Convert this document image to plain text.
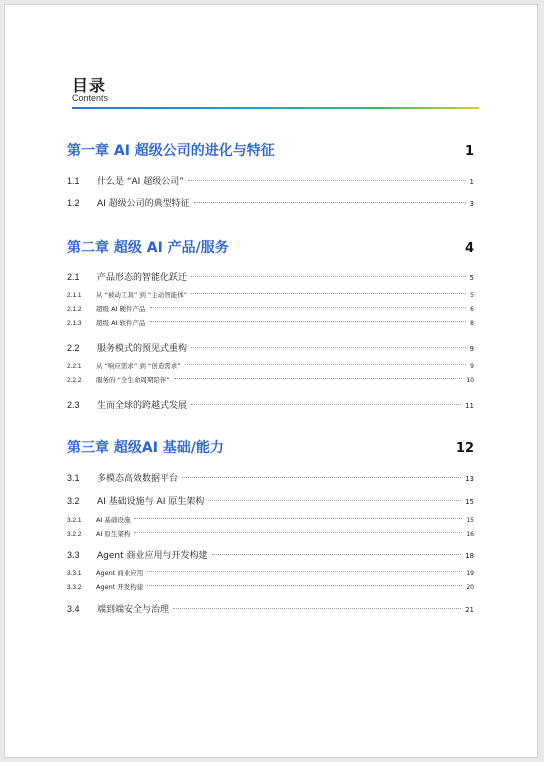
目录
Contents
第一章 AI 超级公司的进化与特征	1
1.1	什么是 “AI 超级公司”	1
1.2	AI 超级公司的典型特征	3
第二章 超级 AI 产品/服务	4
2.1	产品形态的智能化跃迁	5
2.1.1	从 “被动工具” 到 “主动智能体”	5
2.1.2	超级 AI 硬件产品	6
2.1.3	超级 AI 软件产品	8
2.2	服务模式的预见式重构	9
2.2.1	从 “响应需求” 到 “创造需求”	9
2.2.2	服务的 “全生命周期陪伴”	10
2.3	生而全球的跨越式发展	11
第三章 超级AI 基础/能力	12
3.1	多模态高效数据平台	13
3.2	AI 基础设施与 AI 原生架构	15
3.2.1	AI 基础设施	15
3.2.2	AI 原生架构	16
3.3	Agent 商业应用与开发构建	18
3.3.1	Agent 商业应用	19
3.3.2	Agent 开发构建	20
3.4	端到端安全与治理	21
